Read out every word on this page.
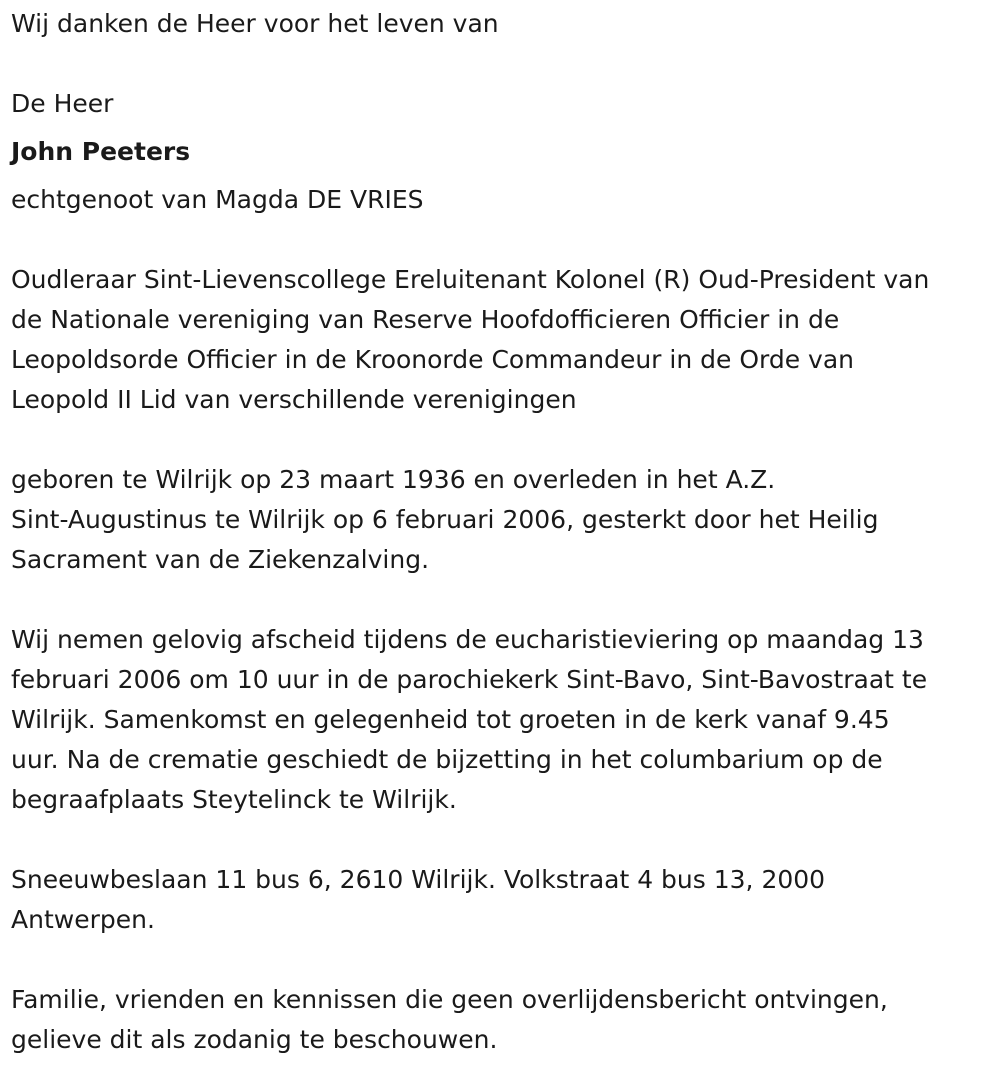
Wij danken de Heer voor het leven van
De Heer
John Peeters
echtgenoot van Magda DE VRIES
Oudleraar Sint-Lievenscollege Ereluitenant Kolonel (R) Oud-President van
de Nationale vereniging van Reserve Hoofdofficieren Officier in de
Leopoldsorde Officier in de Kroonorde Commandeur in de Orde van
Leopold II Lid van verschillende verenigingen
geboren te Wilrijk op 23 maart 1936 en overleden in het A.Z.
Sint-Augustinus te Wilrijk op 6 februari 2006, gesterkt door het Heilig
Sacrament van de Ziekenzalving.
Wij nemen gelovig afscheid tijdens de eucharistieviering op maandag 13
februari 2006 om 10 uur in de parochiekerk Sint-Bavo, Sint-Bavostraat te
Wilrijk. Samenkomst en gelegenheid tot groeten in de kerk vanaf 9.45
uur. Na de crematie geschiedt de bijzetting in het columbarium op de
begraafplaats Steytelinck te Wilrijk.
Sneeuwbeslaan 11 bus 6, 2610 Wilrijk. Volkstraat 4 bus 13, 2000
Antwerpen.
Familie, vrienden en kennissen die geen overlijdensbericht ontvingen,
gelieve dit als zodanig te beschouwen.
